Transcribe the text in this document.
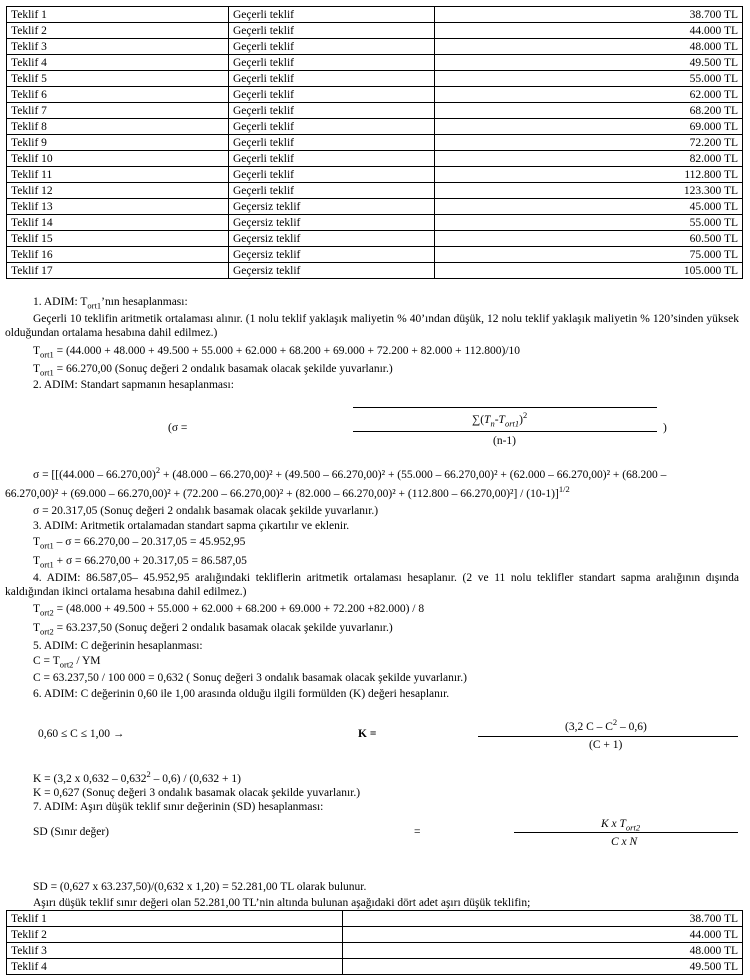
Teklif 1	Geçerli teklif	38.700 TL
Teklif 2	Geçerli teklif	44.000 TL
Teklif 3	Geçerli teklif	48.000 TL
Teklif 4	Geçerli teklif	49.500 TL
Teklif 5	Geçerli teklif	55.000 TL
Teklif 6	Geçerli teklif	62.000 TL
Teklif 7	Geçerli teklif	68.200 TL
Teklif 8	Geçerli teklif	69.000 TL
Teklif 9	Geçerli teklif	72.200 TL
Teklif 10	Geçerli teklif	82.000 TL
Teklif 11	Geçerli teklif	112.800 TL
Teklif 12	Geçerli teklif	123.300 TL
Teklif 13	Geçersiz teklif	45.000 TL
Teklif 14	Geçersiz teklif	55.000 TL
Teklif 15	Geçersiz teklif	60.500 TL
Teklif 16	Geçersiz teklif	75.000 TL
Teklif 17	Geçersiz teklif	105.000 TL
1. ADIM: $T_{ort1}’nın$ hesaplanması:
Geçerli 10 teklifin aritmetik ortalaması alınır. (1 nolu teklif yaklaşık maliyetin % 40’ından düşük, 12 nolu teklif yaklaşık maliyetin % 120’sinden yüksek olduğundan ortalama hesabına dahil edilmez.)
$T_{ort1} = (44.000 + 48.000 + 49.500 + 55.000 + 62.000 + 68.200 + 69.000 + 72.200 + 82.000 + 112.800)/10$
$T_{ort1} = 66.270,00$ (Sonuç değeri 2 ondalık basamak olacak şekilde yuvarlanır.)
2. ADIM: Standart sapmanın hesaplanması:
(σ =
$\sum(T_n-T_{ort1})^2$
(n-1)
)
σ = [[(44.000 – 66.270,00)$^2$ + (48.000 – 66.270,00)² + (49.500 – 66.270,00)² + (55.000 – 66.270,00)² + (62.000 – 66.270,00)² + (68.200 –
66.270,00)² + (69.000 – 66.270,00)² + (72.200 – 66.270,00)² + (82.000 – 66.270,00)² + (112.800 – 66.270,00)²] / (10-1)]$^{1/2}$
σ = 20.317,05 (Sonuç değeri 2 ondalık basamak olacak şekilde yuvarlanır.)
3. ADIM: Aritmetik ortalamadan standart sapma çıkartılır ve eklenir.
$T_{ort1} - \sigma = 66.270,00 - 20.317,05 = 45.952,95$
$T_{ort1} + \sigma = 66.270,00 + 20.317,05 = 86.587,05$
4. ADIM: 86.587,05– 45.952,95 aralığındaki tekliflerin aritmetik ortalaması hesaplanır. (2 ve 11 nolu teklifler standart sapma aralığının dışında kaldığından ikinci ortalama hesabına dahil edilmez.)
$T_{ort2} = (48.000 + 49.500 + 55.000 + 62.000 + 68.200 + 69.000 + 72.200 +82.000) / 8$
$T_{ort2} = 63.237,50$ (Sonuç değeri 2 ondalık basamak olacak şekilde yuvarlanır.)
5. ADIM: C değerinin hesaplanması:
$C = T_{ort2}$ / YM
C = 63.237,50 / 100 000 = 0,632 ( Sonuç değeri 3 ondalık basamak olacak şekilde yuvarlanır.)
6. ADIM: C değerinin 0,60 ile 1,00 arasında olduğu ilgili formülden (K) değeri hesaplanır.
0,60 ≤ C ≤ 1,00 →	K =
(3,2 C – $C^2 - 0,6$)
(C + 1)
K = (3,2 x 0,632 – 0,632$^2$ – 0,6) / (0,632 + 1)
K = 0,627 (Sonuç değeri 3 ondalık basamak olacak şekilde yuvarlanır.)
7. ADIM: Aşırı düşük teklif sınır değerinin (SD) hesaplanması:
SD (Sınır değer)	=
K x $T_{ort2}$
C x N
SD = (0,627 x 63.237,50)/(0,632 x 1,20) = 52.281,00 TL olarak bulunur.
Aşırı düşük teklif sınır değeri olan 52.281,00 TL’nin altında bulunan aşağıdaki dört adet aşırı düşük teklifin;
Teklif 1	38.700 TL
Teklif 2	44.000 TL
Teklif 3	48.000 TL
Teklif 4	49.500 TL
